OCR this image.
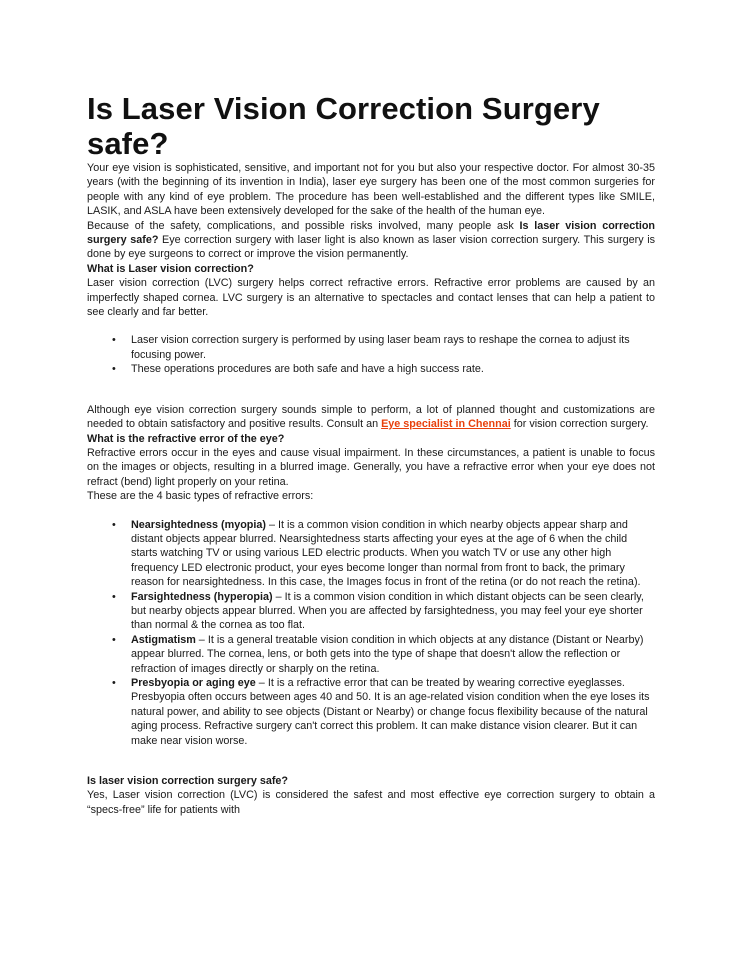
Is Laser Vision Correction Surgery safe?

Your eye vision is sophisticated, sensitive, and important not for you but also your respective doctor. For almost 30-35 years (with the beginning of its invention in India), laser eye surgery has been one of the most common surgeries for people with any kind of eye problem. The procedure has been well-established and the different types like SMILE, LASIK, and ASLA have been extensively developed for the sake of the health of the human eye.

Because of the safety, complications, and possible risks involved, many people ask Is laser vision correction surgery safe? Eye correction surgery with laser light is also known as laser vision correction surgery. This surgery is done by eye surgeons to correct or improve the vision permanently.

What is Laser vision correction?

Laser vision correction (LVC) surgery helps correct refractive errors. Refractive error problems are caused by an imperfectly shaped cornea. LVC surgery is an alternative to spectacles and contact lenses that can help a patient to see clearly and far better.

• Laser vision correction surgery is performed by using laser beam rays to reshape the cornea to adjust its focusing power.
• These operations procedures are both safe and have a high success rate.

Although eye vision correction surgery sounds simple to perform, a lot of planned thought and customizations are needed to obtain satisfactory and positive results. Consult an Eye specialist in Chennai for vision correction surgery.

What is the refractive error of the eye?

Refractive errors occur in the eyes and cause visual impairment. In these circumstances, a patient is unable to focus on the images or objects, resulting in a blurred image. Generally, you have a refractive error when your eye does not refract (bend) light properly on your retina.

These are the 4 basic types of refractive errors:

• Nearsightedness (myopia) – It is a common vision condition in which nearby objects appear sharp and distant objects appear blurred. Nearsightedness starts affecting your eyes at the age of 6 when the child starts watching TV or using various LED electric products. When you watch TV or use any other high frequency LED electronic product, your eyes become longer than normal from front to back, the primary reason for nearsightedness. In this case, the Images focus in front of the retina (or do not reach the retina).
• Farsightedness (hyperopia) – It is a common vision condition in which distant objects can be seen clearly, but nearby objects appear blurred. When you are affected by farsightedness, you may feel your eye shorter than normal & the cornea as too flat.
• Astigmatism – It is a general treatable vision condition in which objects at any distance (Distant or Nearby) appear blurred. The cornea, lens, or both gets into the type of shape that doesn't allow the reflection or refraction of images directly or sharply on the retina.
• Presbyopia or aging eye – It is a refractive error that can be treated by wearing corrective eyeglasses. Presbyopia often occurs between ages 40 and 50. It is an age-related vision condition when the eye loses its natural power, and ability to see objects (Distant or Nearby) or change focus flexibility because of the natural aging process. Refractive surgery can't correct this problem. It can make distance vision clearer. But it can make near vision worse.

Is laser vision correction surgery safe?

Yes, Laser vision correction (LVC) is considered the safest and most effective eye correction surgery to obtain a “specs-free” life for patients with
